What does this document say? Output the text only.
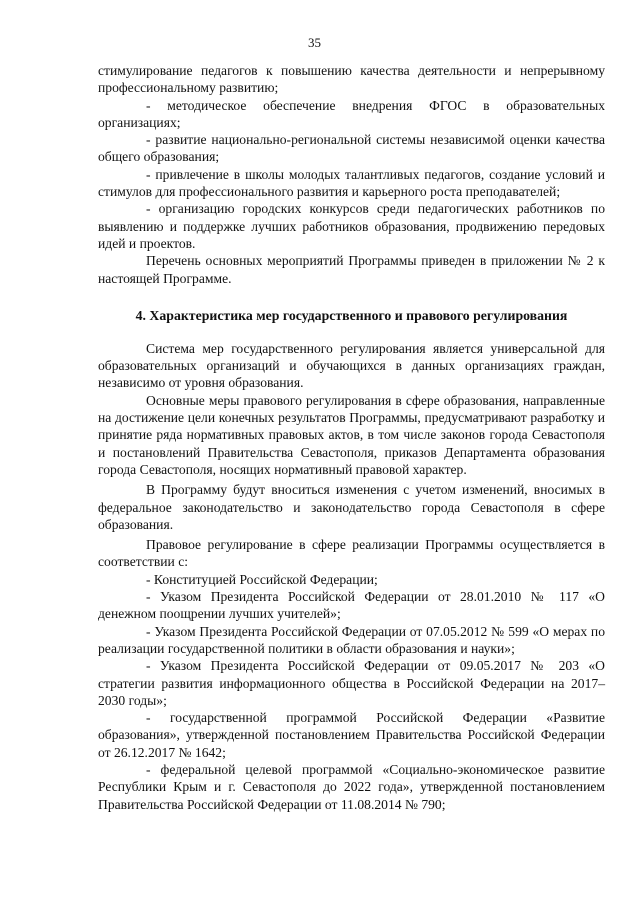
35

стимулирование педагогов к повышению качества деятельности и непрерывному профессиональному развитию;

- методическое обеспечение внедрения ФГОС в образовательных организациях;

- развитие национально-региональной системы независимой оценки качества общего образования;

- привлечение в школы молодых талантливых педагогов, создание условий и стимулов для профессионального развития и карьерного роста преподавателей;

- организацию городских конкурсов среди педагогических работников по выявлению и поддержке лучших работников образования, продвижению передовых идей и проектов.

Перечень основных мероприятий Программы приведен в приложении № 2 к настоящей Программе.

4. Характеристика мер государственного и правового регулирования

Система мер государственного регулирования является универсальной для образовательных организаций и обучающихся в данных организациях граждан, независимо от уровня образования.

Основные меры правового регулирования в сфере образования, направленные на достижение цели конечных результатов Программы, предусматривают разработку и принятие ряда нормативных правовых актов, в том числе законов города Севастополя и постановлений Правительства Севастополя, приказов Департамента образования города Севастополя, носящих нормативный правовой характер.

В Программу будут вноситься изменения с учетом изменений, вносимых в федеральное законодательство и законодательство города Севастополя в сфере образования.

Правовое регулирование в сфере реализации Программы осуществляется в соответствии с:

- Конституцией Российской Федерации;

- Указом Президента Российской Федерации от 28.01.2010 № 117 «О денежном поощрении лучших учителей»;

- Указом Президента Российской Федерации от 07.05.2012 № 599 «О мерах по реализации государственной политики в области образования и науки»;

- Указом Президента Российской Федерации от 09.05.2017 № 203 «О стратегии развития информационного общества в Российской Федерации на 2017–2030 годы»;

- государственной программой Российской Федерации «Развитие образования», утвержденной постановлением Правительства Российской Федерации от 26.12.2017 № 1642;

- федеральной целевой программой «Социально-экономическое развитие Республики Крым и г. Севастополя до 2022 года», утвержденной постановлением Правительства Российской Федерации от 11.08.2014 № 790;
